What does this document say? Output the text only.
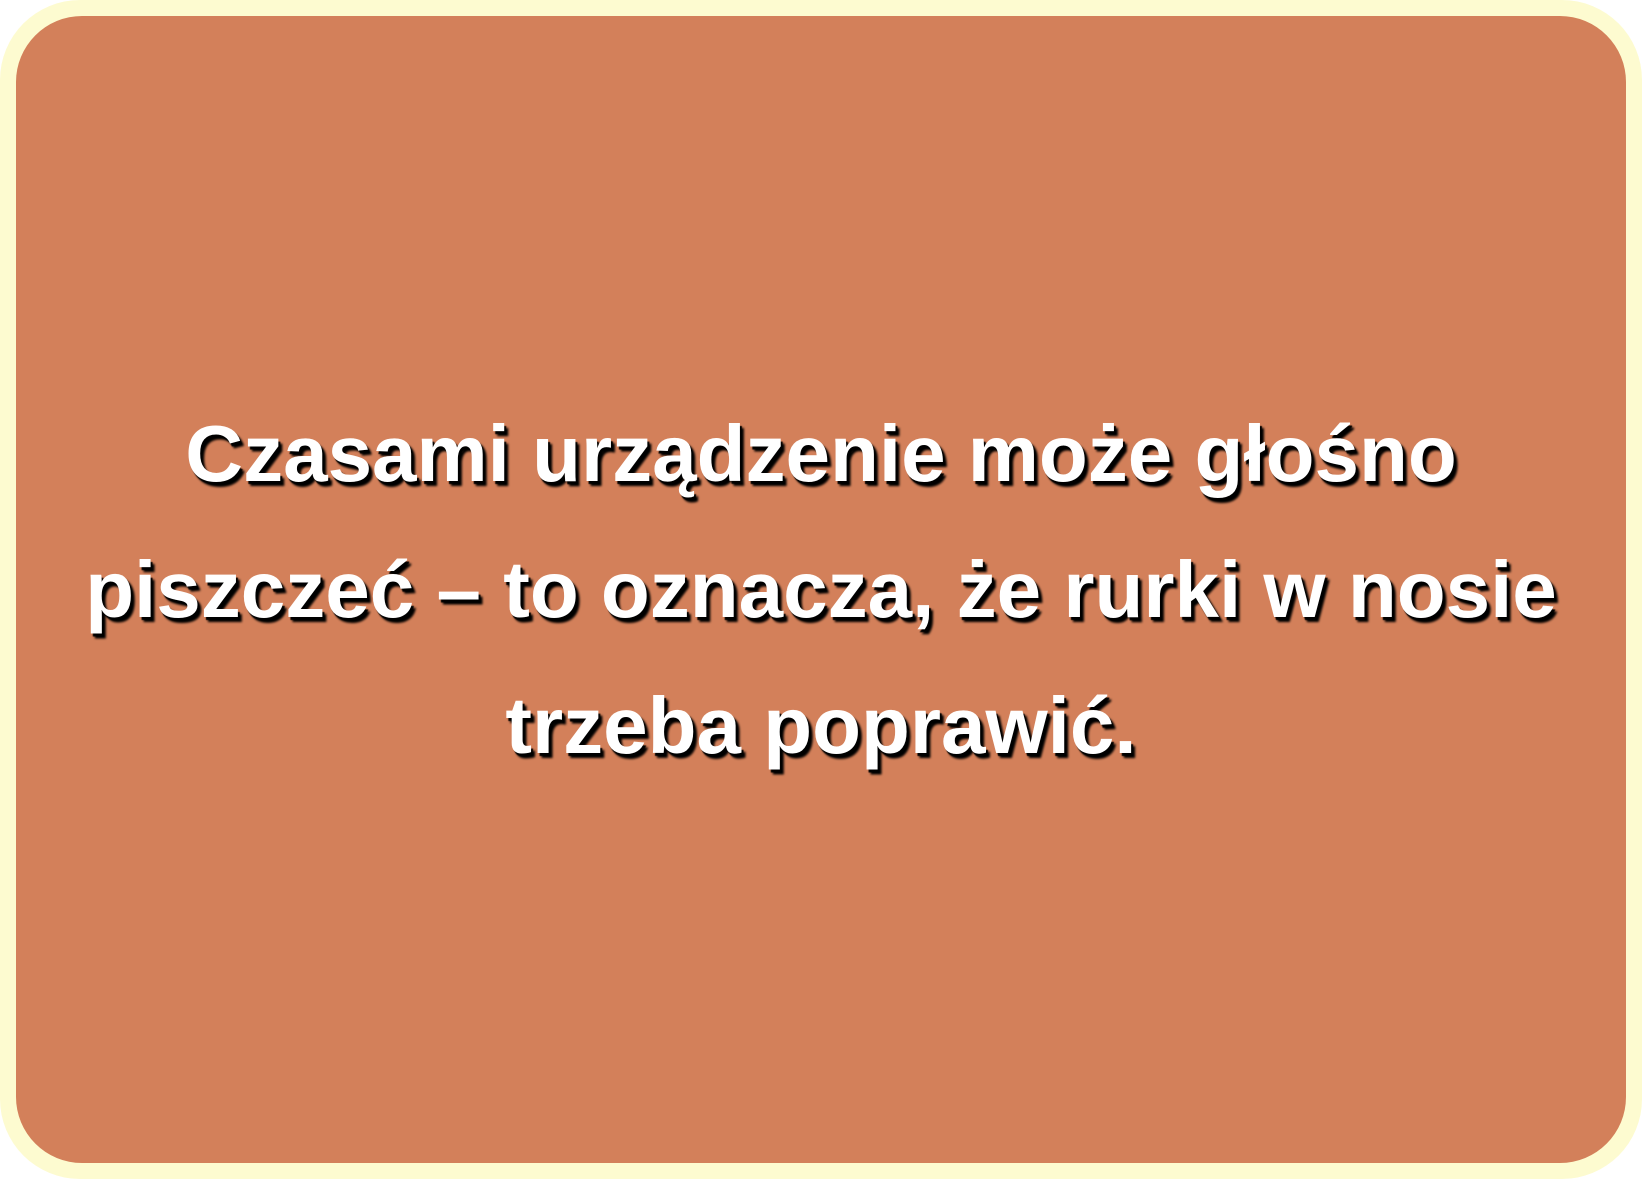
Czasami urządzenie może głośno piszczeć – to oznacza, że rurki w nosie trzeba poprawić.
